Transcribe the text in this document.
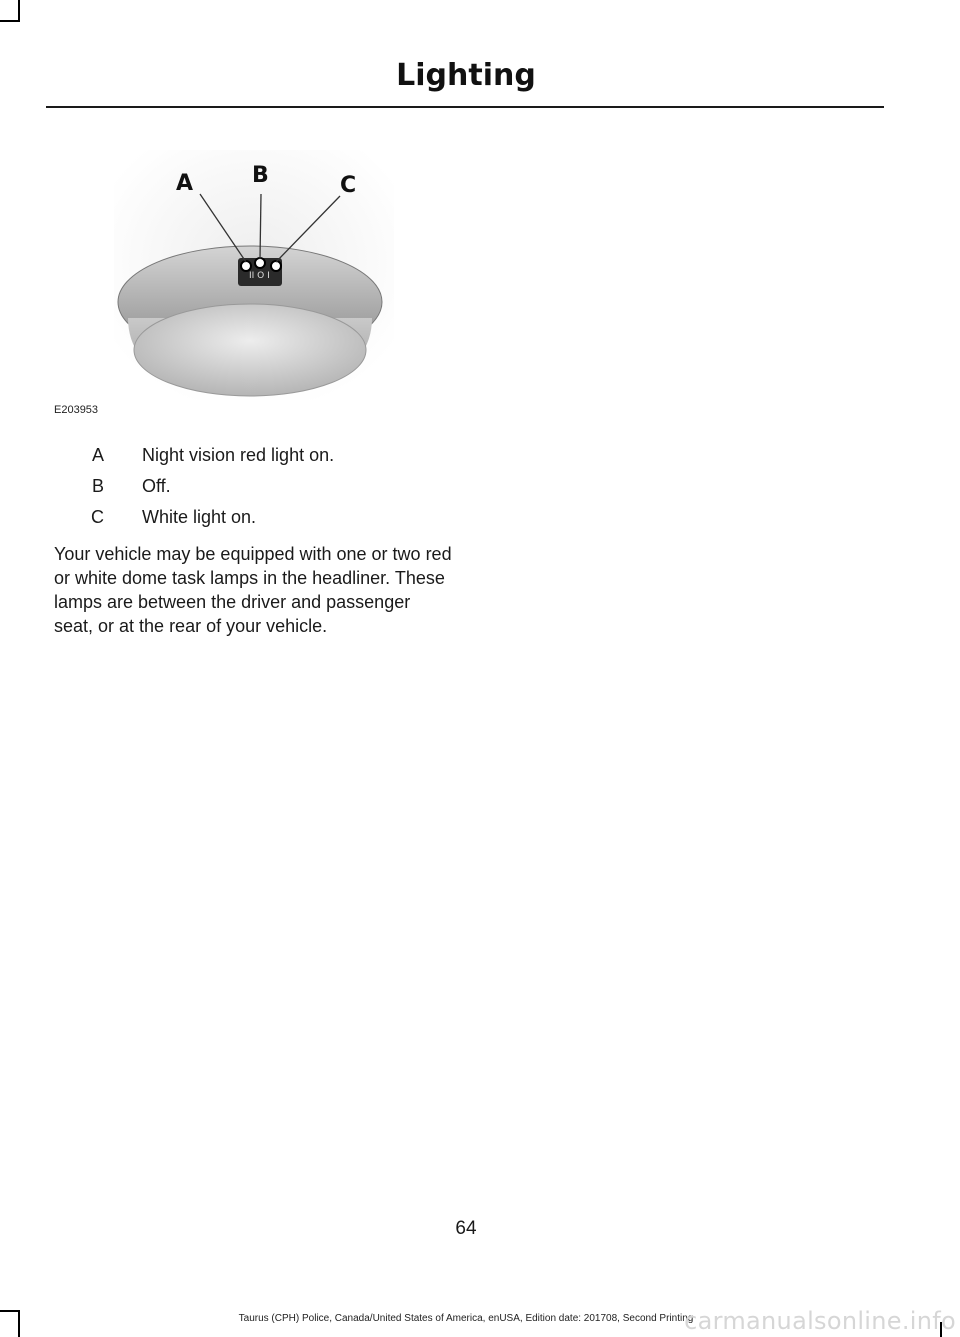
Lighting
II O I
A	B	C
E203953
A	Night vision red light on.
B	Off.
C	White light on.
Your vehicle may be equipped with one or two red or white dome task lamps in the headliner. These lamps are between the driver and passenger seat, or at the rear of your vehicle.
64
Taurus (CPH) Police, Canada/United States of America, enUSA, Edition date: 201708, Second Printing
carmanualsonline.info
